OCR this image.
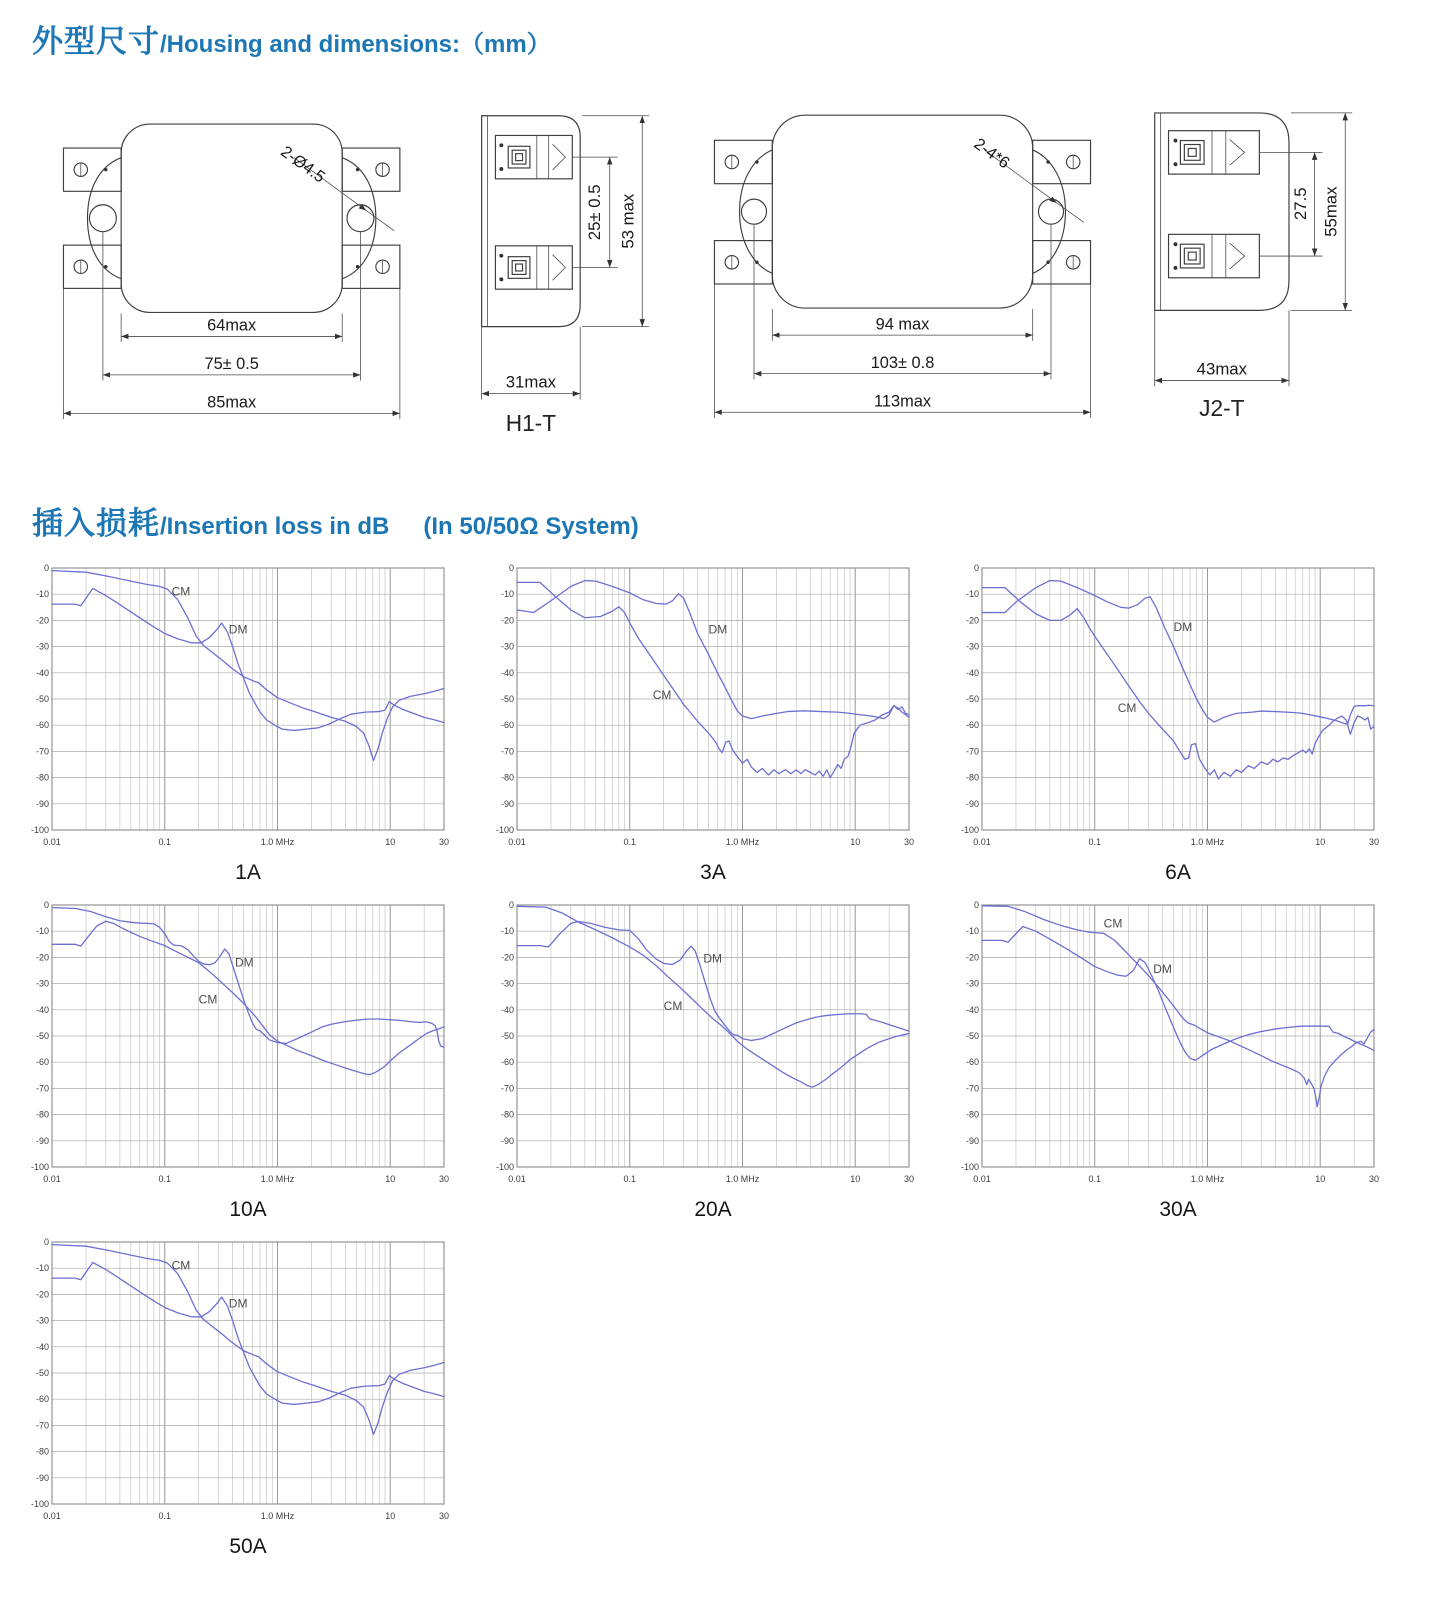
外型尺寸/Housing and dimensions:（mm）
2-Ø4.5
64max
75± 0.5
85max
25± 0.5 53 max
31max
H1-T
2-4*6
94 max
103± 0.8
113max
27.5 55max
43max
J2-T
插入损耗/Insertion loss in dB (In 50/50Ω System)
0
-10
-20
-30
-40
-50
-60
-70
-80
-90
-100
0.01	0.1	1.0 MHz	10	30
CM
DM
1A
0
-10
-20
-30
-40
-50
-60
-70
-80
-90
-100
0.01	0.1	1.0 MHz	10	30
CM
DM
3A
0
-10
-20
-30
-40
-50
-60
-70
-80
-90
-100
0.01	0.1	1.0 MHz	10	30
CM
DM
6A
0
-10
-20
-30
-40
-50
-60
-70
-80
-90
-100
0.01	0.1	1.0 MHz	10	30
CM
DM
10A
0
-10
-20
-30
-40
-50
-60
-70
-80
-90
-100
0.01	0.1	1.0 MHz	10	30
CM
DM
20A
0
-10
-20
-30
-40
-50
-60
-70
-80
-90
-100
0.01	0.1	1.0 MHz	10	30
CM
DM
30A
0
-10
-20
-30
-40
-50
-60
-70
-80
-90
-100
0.01	0.1	1.0 MHz	10	30
CM
DM
50A
